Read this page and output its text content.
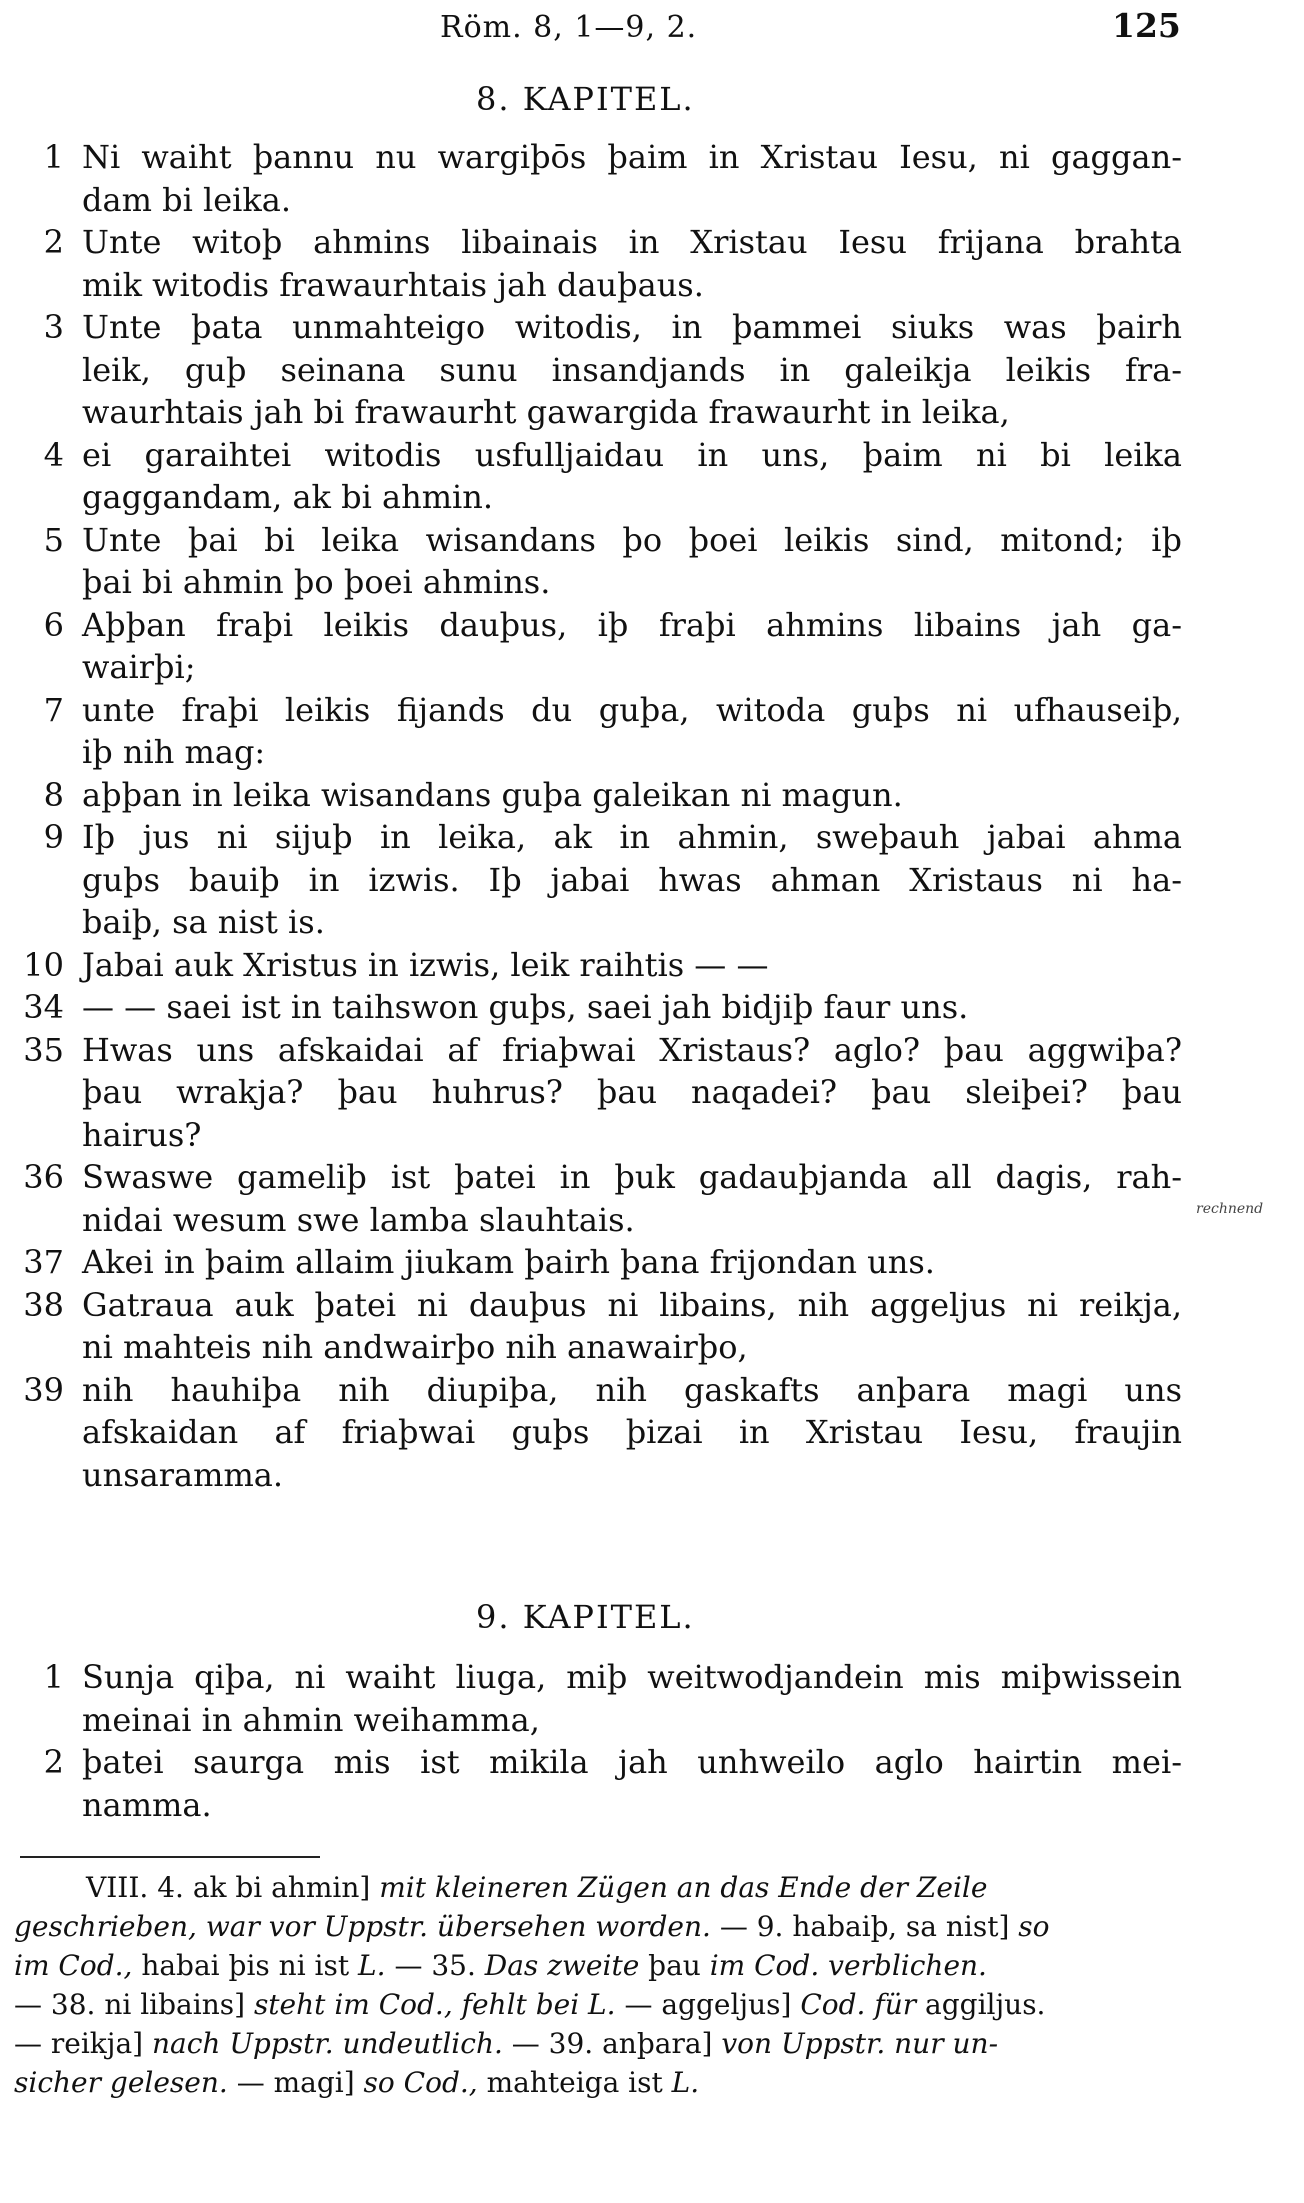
Röm. 8, 1—9, 2.	125
8. KAPITEL.
1 Ni waiht þannu nu wargiþōs þaim in Xristau Iesu, ni gaggan-
dam bi leika.
2 Unte witoþ ahmins libainais in Xristau Iesu frijana brahta
mik witodis frawaurhtais jah dauþaus.
3 Unte þata unmahteigo witodis, in þammei siuks was þairh
leik, guþ seinana sunu insandjands in galeikja leikis fra-
waurhtais jah bi frawaurht gawargida frawaurht in leika,
4 ei garaihtei witodis usfulljaidau in uns, þaim ni bi leika
gaggandam, ak bi ahmin.
5 Unte þai bi leika wisandans þo þoei leikis sind, mitond; iþ
þai bi ahmin þo þoei ahmins.
6 Aþþan fraþi leikis dauþus, iþ fraþi ahmins libains jah ga-
wairþi;
7 unte fraþi leikis fijands du guþa, witoda guþs ni ufhauseiþ,
iþ nih mag:
8 aþþan in leika wisandans guþa galeikan ni magun.
9 Iþ jus ni sijuþ in leika, ak in ahmin, sweþauh jabai ahma
guþs bauiþ in izwis. Iþ jabai hwas ahman Xristaus ni ha-
baiþ, sa nist is.
10 Jabai auk Xristus in izwis, leik raihtis — —
34 — — saei ist in taihswon guþs, saei jah bidjiþ faur uns.
35 Hwas uns afskaidai af friaþwai Xristaus? aglo? þau aggwiþa?
þau wrakja? þau huhrus? þau naqadei? þau sleiþei? þau
hairus?
36 Swaswe gameliþ ist þatei in þuk gadauþjanda all dagis, rah-
nidai wesum swe lamba slauhtais.
37 Akei in þaim allaim jiukam þairh þana frijondan uns.
38 Gatraua auk þatei ni dauþus ni libains, nih aggeljus ni reikja,
ni mahteis nih andwairþo nih anawairþo,
39 nih hauhiþa nih diupiþa, nih gaskafts anþara magi uns
afskaidan af friaþwai guþs þizai in Xristau Iesu, fraujin
unsaramma.
9. KAPITEL.
1 Sunja qiþa, ni waiht liuga, miþ weitwodjandein mis miþwissein
meinai in ahmin weihamma,
2 þatei saurga mis ist mikila jah unhweilo aglo hairtin mei-
namma.
rechnend
VIII. 4. ak bi ahmin] mit kleineren Zügen an das Ende der Zeile
geschrieben, war vor Uppstr. übersehen worden. — 9. habaiþ, sa nist] so
im Cod., habai þis ni ist L. — 35. Das zweite þau im Cod. verblichen.
— 38. ni libains] steht im Cod., fehlt bei L. — aggeljus] Cod. für aggiljus.
— reikja] nach Uppstr. undeutlich. — 39. anþara] von Uppstr. nur un-
sicher gelesen. — magi] so Cod., mahteiga ist L.
